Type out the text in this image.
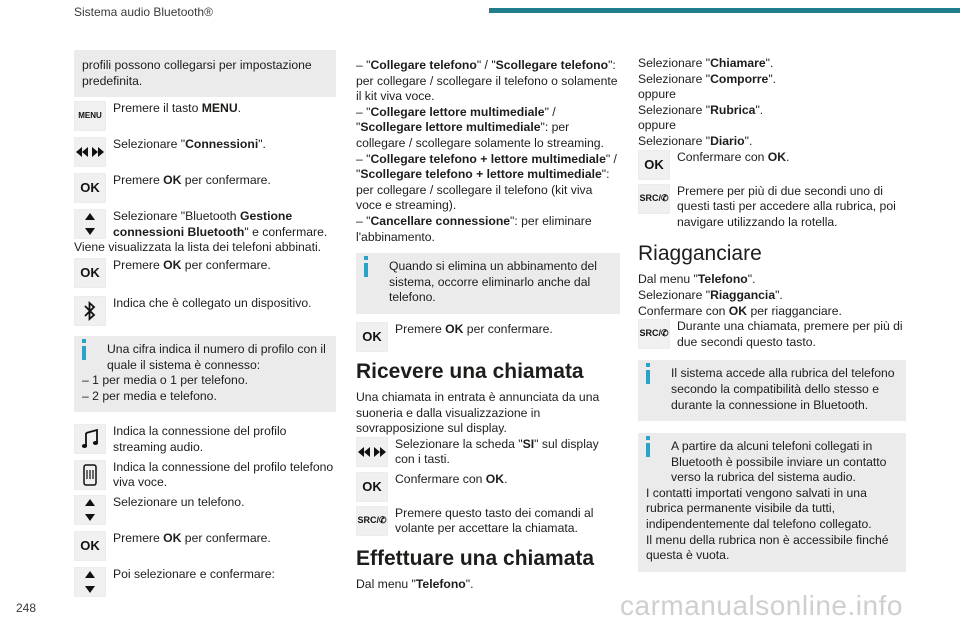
Sistema audio Bluetooth®
248	carmanualsonline.info

profili possono collegarsi per impostazione predefinita.

MENU
Premere il tasto MENU.
Selezionare "Connessioni".
OK
Premere OK per confermare.
Selezionare "Bluetooth Gestione connessioni Bluetooth" e confermare.

Viene visualizzata la lista dei telefoni abbinati.

OK
Premere OK per confermare.
Indica che è collegato un dispositivo.
Una cifra indica il numero di profilo con il quale il sistema è connesso:
– 1 per media o 1 per telefono.
– 2 per media e telefono.
Indica la connessione del profilo streaming audio.
Indica la connessione del profilo telefono viva voce.
Selezionare un telefono.
OK
Premere OK per confermare.
Poi selezionare e confermare:

– "Collegare telefono" / "Scollegare telefono": per collegare / scollegare il telefono o solamente il kit viva voce.

– "Collegare lettore multimediale" / "Scollegare lettore multimediale": per collegare / scollegare solamente lo streaming.

– "Collegare telefono + lettore multimediale" / "Scollegare telefono + lettore multimediale": per collegare / scollegare il telefono (kit viva voce e streaming).

– "Cancellare connessione": per eliminare l'abbinamento.

Quando si elimina un abbinamento del sistema, occorre eliminarlo anche dal telefono.
OK
Premere OK per confermare.
Ricevere una chiamata

Una chiamata in entrata è annunciata da una suoneria e dalla visualizzazione in sovrapposizione sul display.

Selezionare la scheda "SI" sul display con i tasti.
OK
Confermare con OK.
SRC/✆
Premere questo tasto dei comandi al volante per accettare la chiamata.
Effettuare una chiamata

Dal menu "Telefono".

Selezionare "Chiamare".

Selezionare "Comporre".

oppure

Selezionare "Rubrica".

oppure

Selezionare "Diario".

OK
Confermare con OK.
SRC/✆
Premere per più di due secondi uno di questi tasti per accedere alla rubrica, poi navigare utilizzando la rotella.
Riagganciare

Dal menu "Telefono".

Selezionare "Riaggancia".

Confermare con OK per riagganciare.

SRC/✆
Durante una chiamata, premere per più di due secondi questo tasto.
Il sistema accede alla rubrica del telefono secondo la compatibilità dello stesso e durante la connessione in Bluetooth.
A partire da alcuni telefoni collegati in Bluetooth è possibile inviare un contatto verso la rubrica del sistema audio.
I contatti importati vengono salvati in una rubrica permanente visibile da tutti, indipendentemente dal telefono collegato.
Il menu della rubrica non è accessibile finché questa è vuota.
